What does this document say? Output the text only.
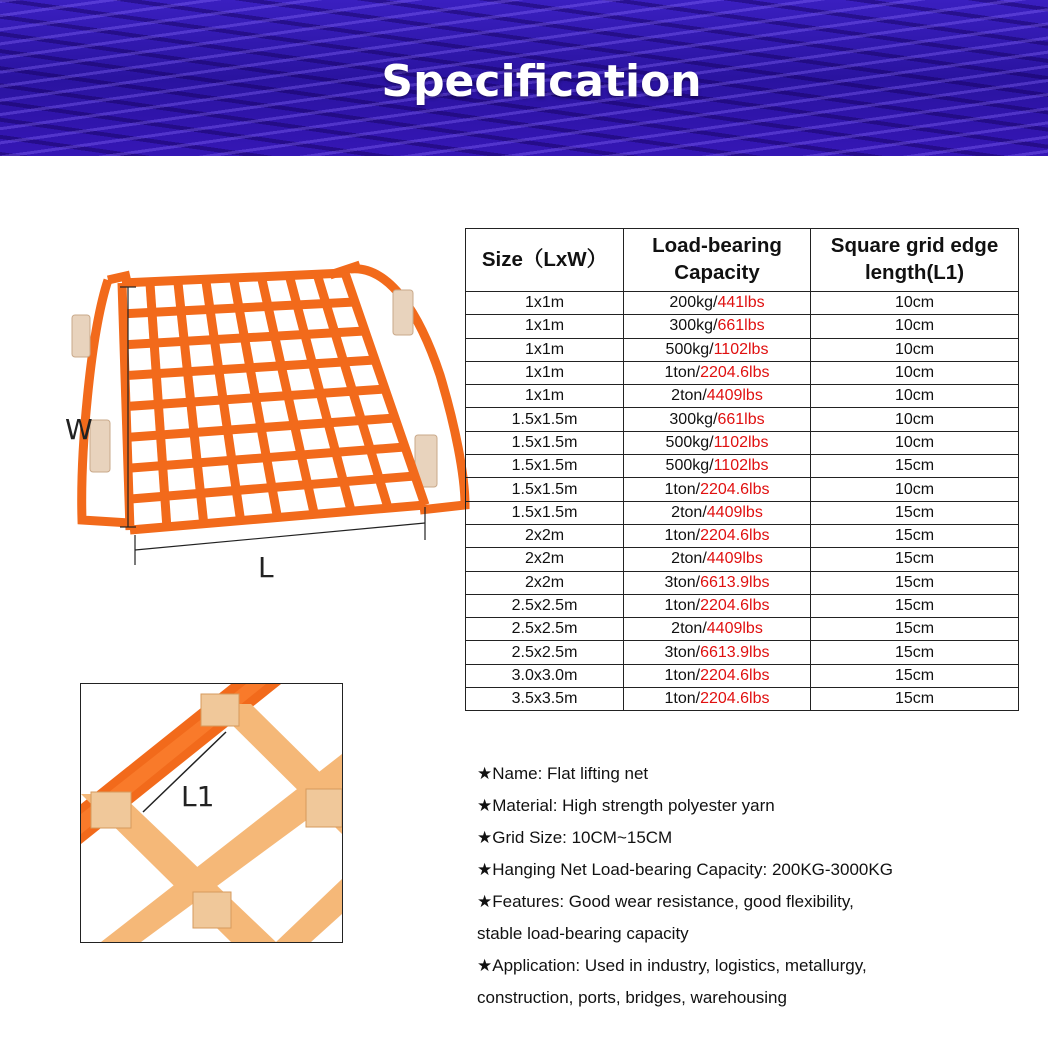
Specification
W
L
L1
Size（LxW）	Load-bearing Capacity	Square grid edge length(L1)
1x1m	200kg/441lbs	10cm
1x1m	300kg/661lbs	10cm
1x1m	500kg/1102lbs	10cm
1x1m	1ton/2204.6lbs	10cm
1x1m	2ton/4409lbs	10cm
1.5x1.5m	300kg/661lbs	10cm
1.5x1.5m	500kg/1102lbs	10cm
1.5x1.5m	500kg/1102lbs	15cm
1.5x1.5m	1ton/2204.6lbs	10cm
1.5x1.5m	2ton/4409lbs	15cm
2x2m	1ton/2204.6lbs	15cm
2x2m	2ton/4409lbs	15cm
2x2m	3ton/6613.9lbs	15cm
2.5x2.5m	1ton/2204.6lbs	15cm
2.5x2.5m	2ton/4409lbs	15cm
2.5x2.5m	3ton/6613.9lbs	15cm
3.0x3.0m	1ton/2204.6lbs	15cm
3.5x3.5m	1ton/2204.6lbs	15cm
★Name: Flat lifting net
★Material: High strength polyester yarn
★Grid Size: 10CM~15CM
★Hanging Net Load-bearing Capacity: 200KG-3000KG
★Features: Good wear resistance, good flexibility,
stable load-bearing capacity
★Application: Used in industry, logistics, metallurgy,
construction, ports, bridges, warehousing
